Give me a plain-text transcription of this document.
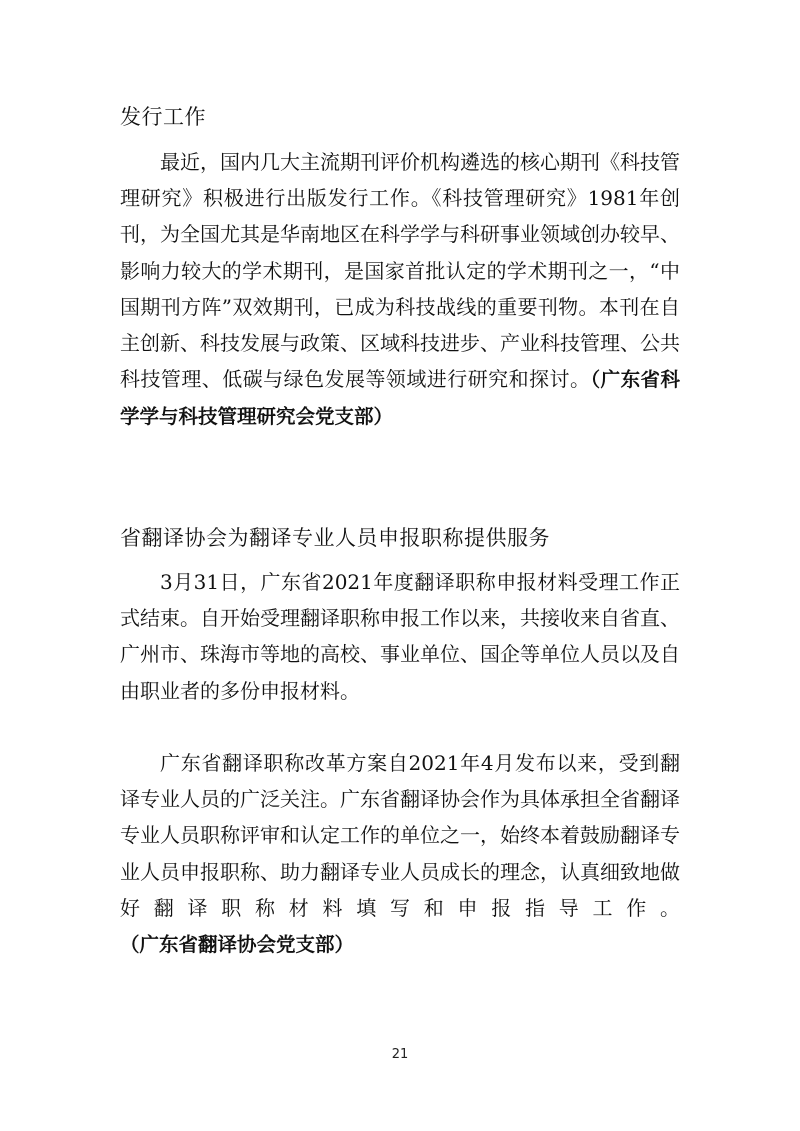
发行工作

最近，国内几大主流期刊评价机构遴选的核心期刊《科技管理研究》积极进行出版发行工作。《科技管理研究》1981年创刊，为全国尤其是华南地区在科学学与科研事业领域创办较早、影响力较大的学术期刊，是国家首批认定的学术期刊之一，“中国期刊方阵”双效期刊，已成为科技战线的重要刊物。本刊在自主创新、科技发展与政策、区域科技进步、产业科技管理、公共科技管理、低碳与绿色发展等领域进行研究和探讨。（广东省科学学与科技管理研究会党支部）

省翻译协会为翻译专业人员申报职称提供服务

3月31日，广东省2021年度翻译职称申报材料受理工作正式结束。自开始受理翻译职称申报工作以来，共接收来自省直、广州市、珠海市等地的高校、事业单位、国企等单位人员以及自由职业者的多份申报材料。

广东省翻译职称改革方案自2021年4月发布以来，受到翻译专业人员的广泛关注。广东省翻译协会作为具体承担全省翻译专业人员职称评审和认定工作的单位之一，始终本着鼓励翻译专业人员申报职称、助力翻译专业人员成长的理念，认真细致地做好翻译职称材料填写和申报指导工作。（广东省翻译协会党支部）

21
